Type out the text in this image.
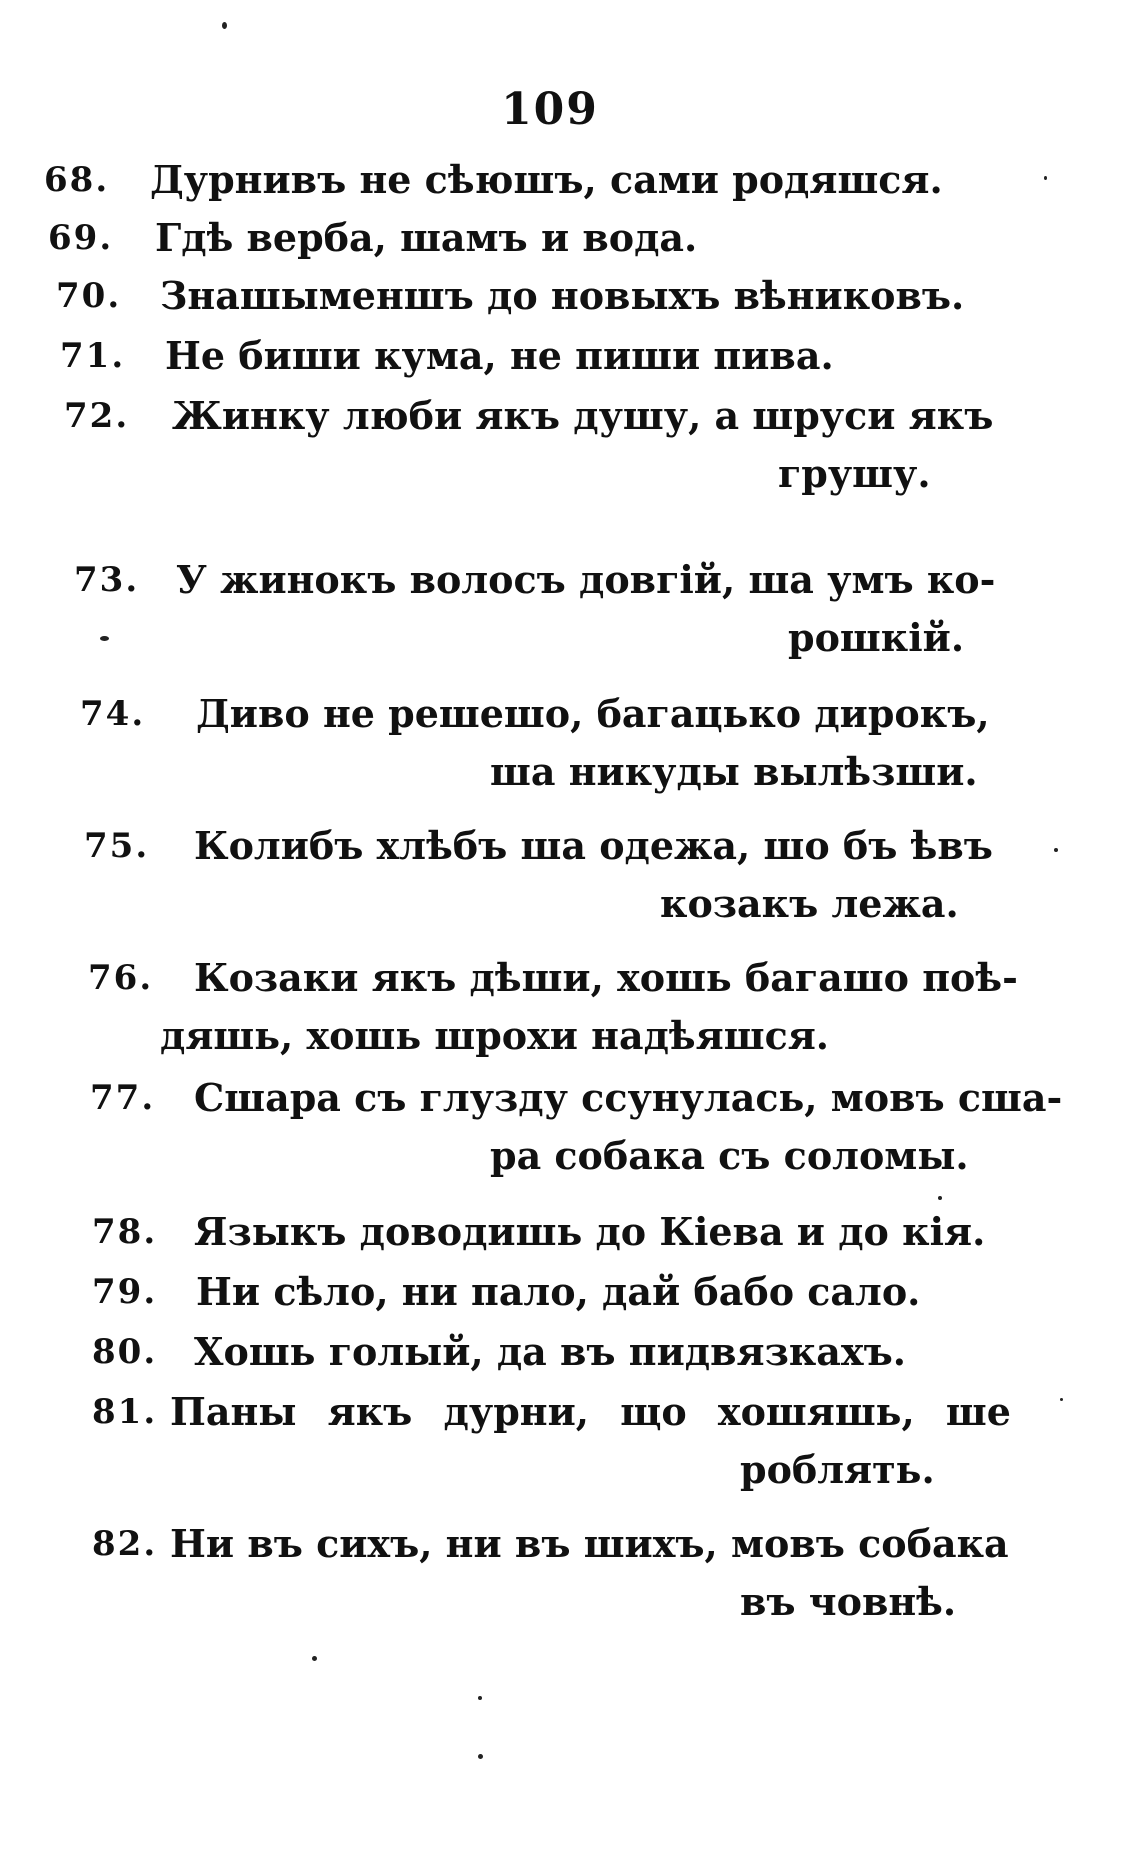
109
68. Дурнивъ не сѣюшъ, сами родяшся.
69. Гдѣ верба, шамъ и вода.
70. Знашыменшъ до новыхъ вѣниковъ.
71. Не биши кума, не пиши пива.
72. Жинку люби якъ душу, а шруси якъ
грушу.
73. У жинокъ волосъ довгій, ша умъ ко-
рошкій.
74. Диво не решешо, багацько дирокъ,
ша никуды вылѣзши.
75. Колибъ хлѣбъ ша одежа, шо бъ ѣвъ
козакъ лежа.
76. Козаки якъ дѣши, хошь багашо поѣ-
дяшь, хошь шрохи надѣяшся.
77. Сшара съ глузду ссунулась, мовъ сша-
ра собака съ соломы.
78. Языкъ доводишь до Кіева и до кія.
79. Ни сѣло, ни пало, дай бабо сало.
80. Хошь голый, да въ пидвязкахъ.
81. Паны якъ дурни, що хошяшь, ше
роблять.
82. Ни въ сихъ, ни въ шихъ, мовъ собака
въ човнѣ.
